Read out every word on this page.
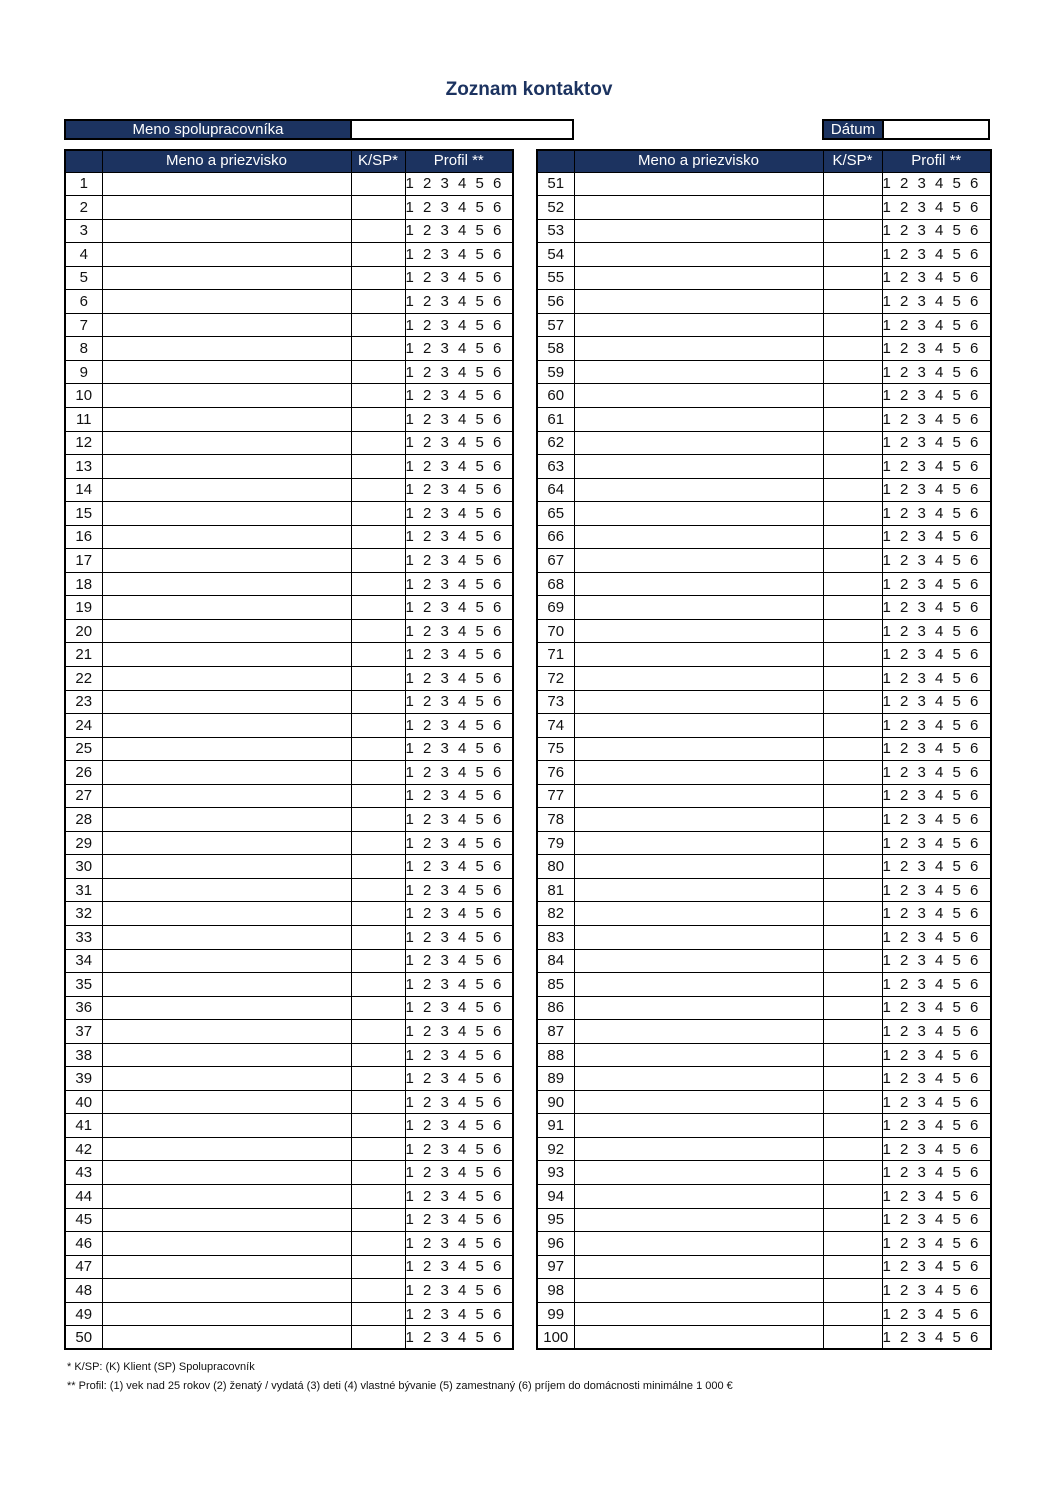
Zoznam kontaktov
Meno spolupracovníka	Dátum
	Meno a priezvisko	K/SP*	Profil **
1			1 2 3 4 5 6
2			1 2 3 4 5 6
3			1 2 3 4 5 6
4			1 2 3 4 5 6
5			1 2 3 4 5 6
6			1 2 3 4 5 6
7			1 2 3 4 5 6
8			1 2 3 4 5 6
9			1 2 3 4 5 6
10			1 2 3 4 5 6
11			1 2 3 4 5 6
12			1 2 3 4 5 6
13			1 2 3 4 5 6
14			1 2 3 4 5 6
15			1 2 3 4 5 6
16			1 2 3 4 5 6
17			1 2 3 4 5 6
18			1 2 3 4 5 6
19			1 2 3 4 5 6
20			1 2 3 4 5 6
21			1 2 3 4 5 6
22			1 2 3 4 5 6
23			1 2 3 4 5 6
24			1 2 3 4 5 6
25			1 2 3 4 5 6
26			1 2 3 4 5 6
27			1 2 3 4 5 6
28			1 2 3 4 5 6
29			1 2 3 4 5 6
30			1 2 3 4 5 6
31			1 2 3 4 5 6
32			1 2 3 4 5 6
33			1 2 3 4 5 6
34			1 2 3 4 5 6
35			1 2 3 4 5 6
36			1 2 3 4 5 6
37			1 2 3 4 5 6
38			1 2 3 4 5 6
39			1 2 3 4 5 6
40			1 2 3 4 5 6
41			1 2 3 4 5 6
42			1 2 3 4 5 6
43			1 2 3 4 5 6
44			1 2 3 4 5 6
45			1 2 3 4 5 6
46			1 2 3 4 5 6
47			1 2 3 4 5 6
48			1 2 3 4 5 6
49			1 2 3 4 5 6
50			1 2 3 4 5 6
	Meno a priezvisko	K/SP*	Profil **
51			1 2 3 4 5 6
52			1 2 3 4 5 6
53			1 2 3 4 5 6
54			1 2 3 4 5 6
55			1 2 3 4 5 6
56			1 2 3 4 5 6
57			1 2 3 4 5 6
58			1 2 3 4 5 6
59			1 2 3 4 5 6
60			1 2 3 4 5 6
61			1 2 3 4 5 6
62			1 2 3 4 5 6
63			1 2 3 4 5 6
64			1 2 3 4 5 6
65			1 2 3 4 5 6
66			1 2 3 4 5 6
67			1 2 3 4 5 6
68			1 2 3 4 5 6
69			1 2 3 4 5 6
70			1 2 3 4 5 6
71			1 2 3 4 5 6
72			1 2 3 4 5 6
73			1 2 3 4 5 6
74			1 2 3 4 5 6
75			1 2 3 4 5 6
76			1 2 3 4 5 6
77			1 2 3 4 5 6
78			1 2 3 4 5 6
79			1 2 3 4 5 6
80			1 2 3 4 5 6
81			1 2 3 4 5 6
82			1 2 3 4 5 6
83			1 2 3 4 5 6
84			1 2 3 4 5 6
85			1 2 3 4 5 6
86			1 2 3 4 5 6
87			1 2 3 4 5 6
88			1 2 3 4 5 6
89			1 2 3 4 5 6
90			1 2 3 4 5 6
91			1 2 3 4 5 6
92			1 2 3 4 5 6
93			1 2 3 4 5 6
94			1 2 3 4 5 6
95			1 2 3 4 5 6
96			1 2 3 4 5 6
97			1 2 3 4 5 6
98			1 2 3 4 5 6
99			1 2 3 4 5 6
100			1 2 3 4 5 6
* K/SP: (K) Klient (SP) Spolupracovník
** Profil: (1) vek nad 25 rokov (2) ženatý / vydatá (3) deti (4) vlastné bývanie (5) zamestnaný (6) príjem do domácnosti minimálne 1 000 €
